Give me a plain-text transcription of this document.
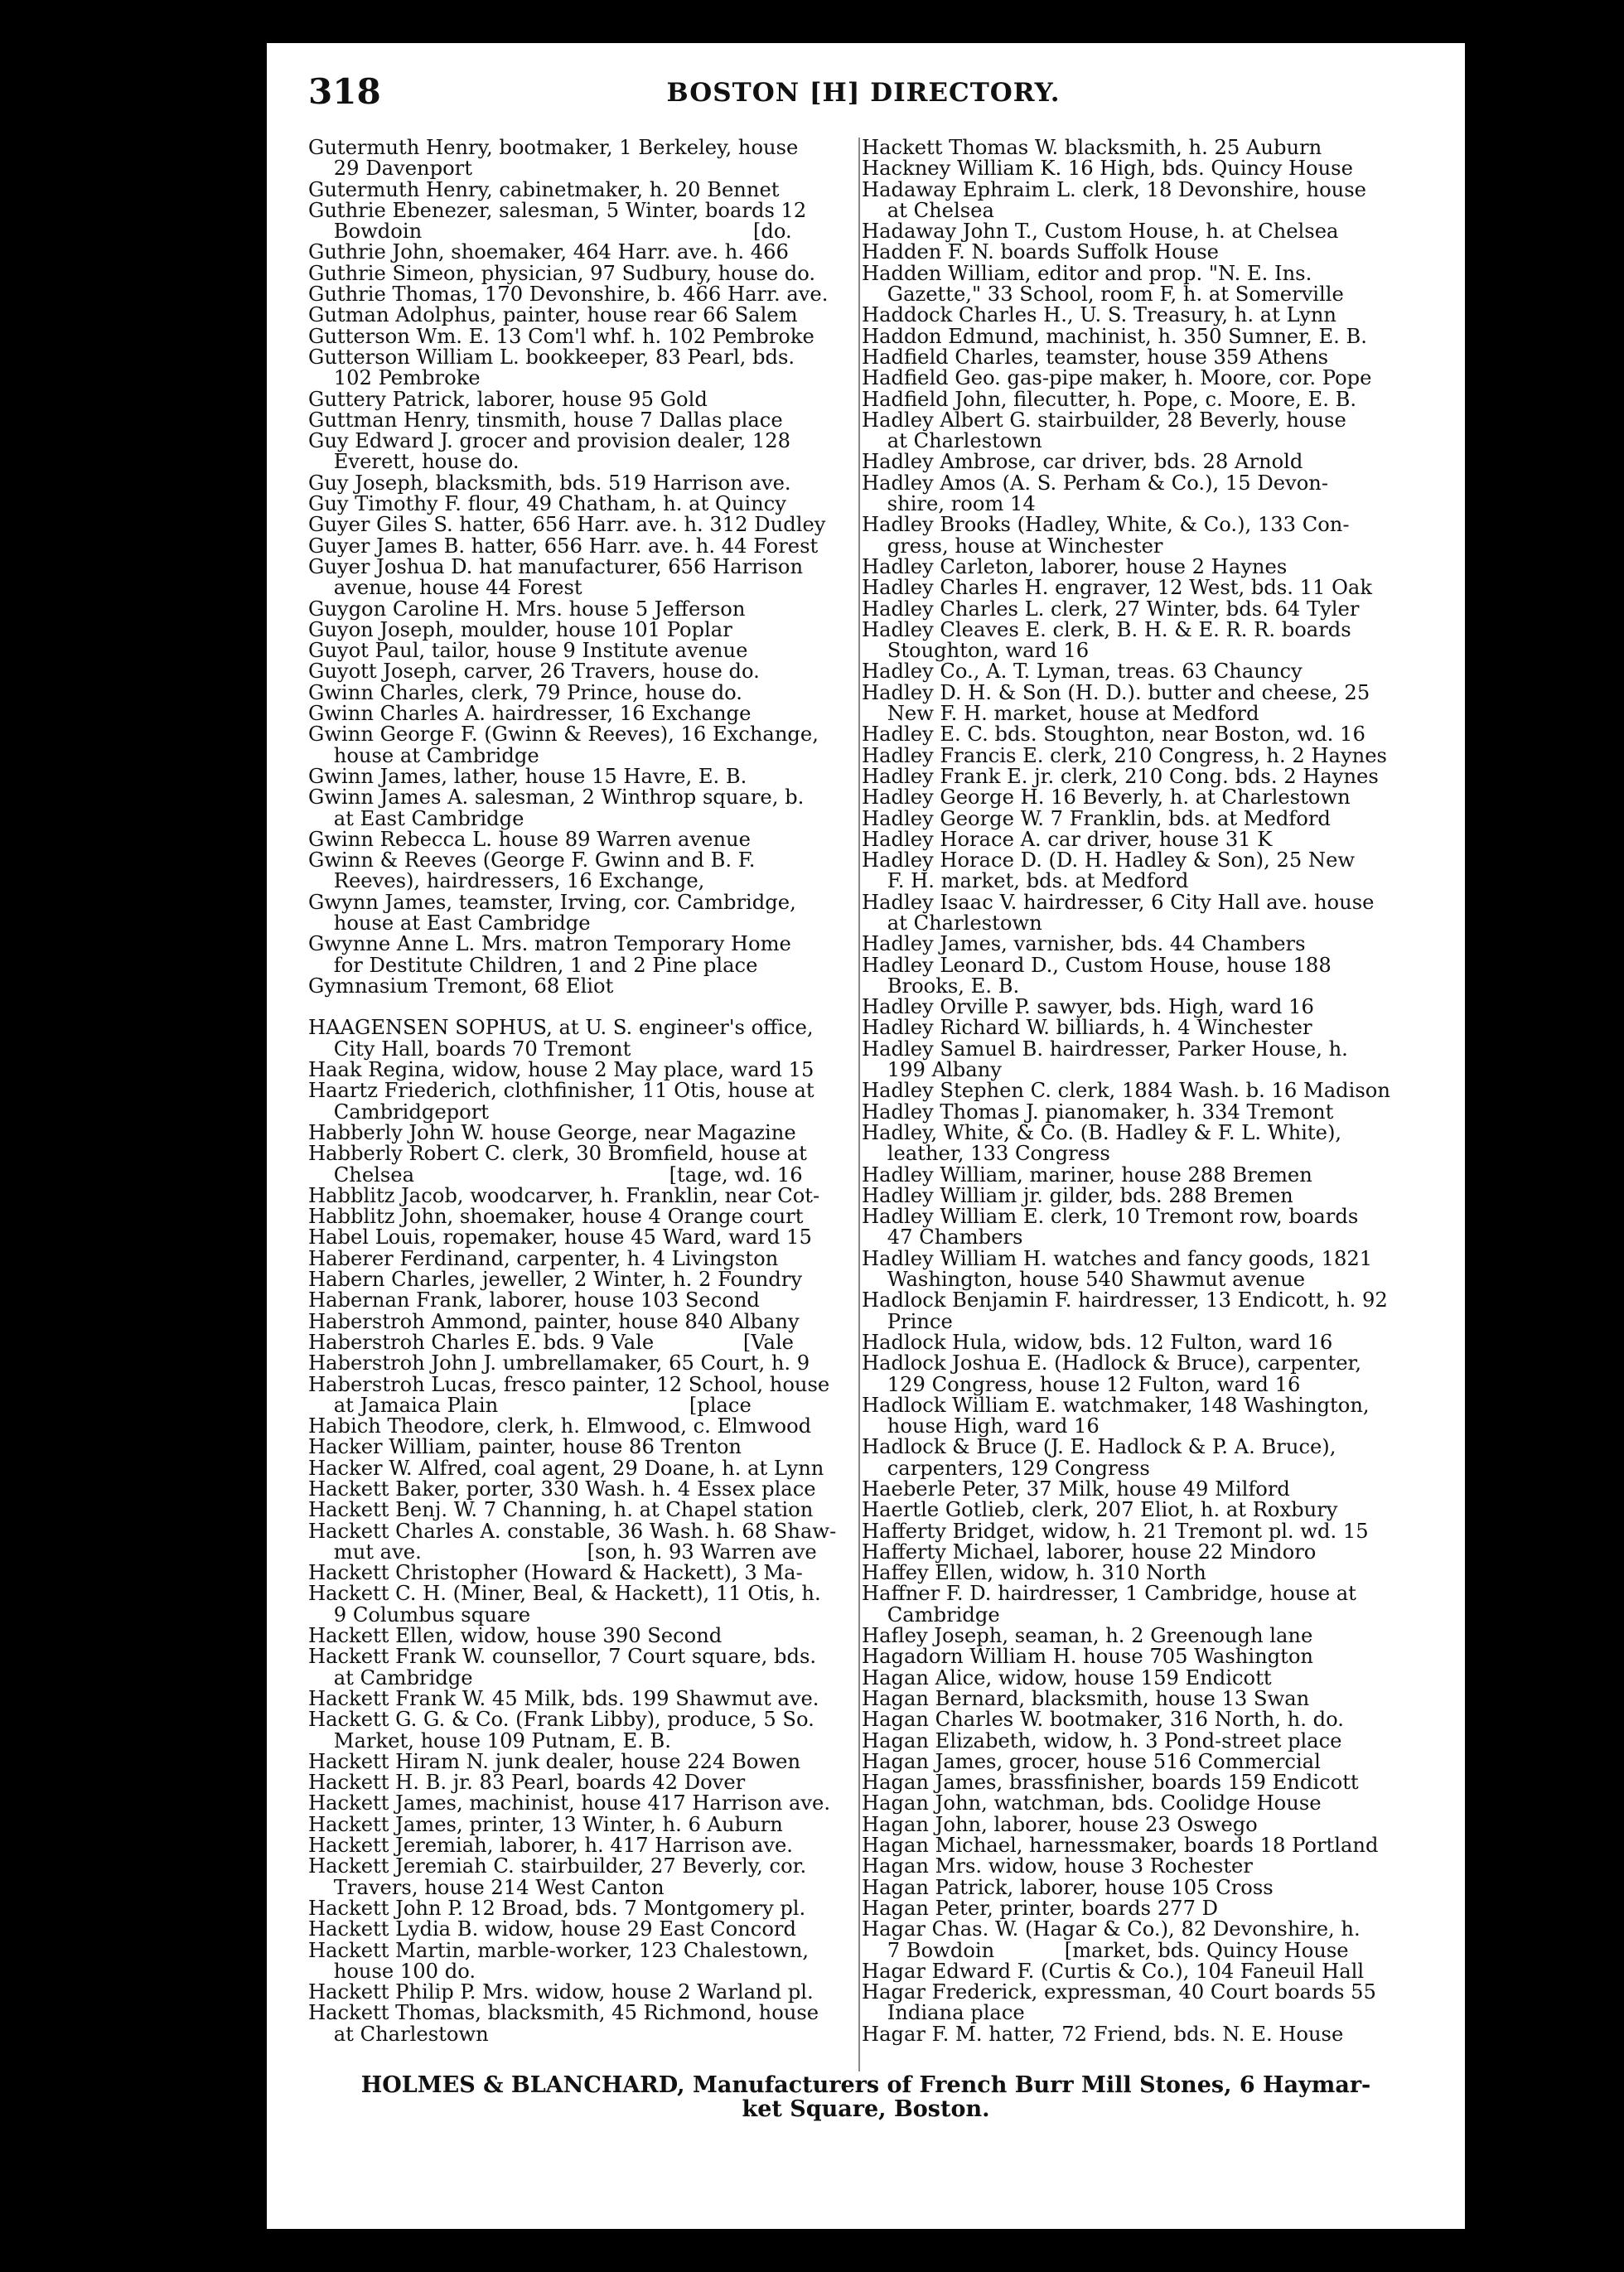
318	BOSTON [H] DIRECTORY.
Gutermuth Henry, bootmaker, 1 Berkeley, house
29 Davenport
Gutermuth Henry, cabinetmaker, h. 20 Bennet
Guthrie Ebenezer, salesman, 5 Winter, boards 12
Bowdoin                                                    [do.
Guthrie John, shoemaker, 464 Harr. ave. h. 466
Guthrie Simeon, physician, 97 Sudbury, house do.
Guthrie Thomas, 170 Devonshire, b. 466 Harr. ave.
Gutman Adolphus, painter, house rear 66 Salem
Gutterson Wm. E. 13 Com'l whf. h. 102 Pembroke
Gutterson William L. bookkeeper, 83 Pearl, bds.
102 Pembroke
Guttery Patrick, laborer, house 95 Gold
Guttman Henry, tinsmith, house 7 Dallas place
Guy Edward J. grocer and provision dealer, 128
Everett, house do.
Guy Joseph, blacksmith, bds. 519 Harrison ave.
Guy Timothy F. flour, 49 Chatham, h. at Quincy
Guyer Giles S. hatter, 656 Harr. ave. h. 312 Dudley
Guyer James B. hatter, 656 Harr. ave. h. 44 Forest
Guyer Joshua D. hat manufacturer, 656 Harrison
avenue, house 44 Forest
Guygon Caroline H. Mrs. house 5 Jefferson
Guyon Joseph, moulder, house 101 Poplar
Guyot Paul, tailor, house 9 Institute avenue
Guyott Joseph, carver, 26 Travers, house do.
Gwinn Charles, clerk, 79 Prince, house do.
Gwinn Charles A. hairdresser, 16 Exchange
Gwinn George F. (Gwinn & Reeves), 16 Exchange,
house at Cambridge
Gwinn James, lather, house 15 Havre, E. B.
Gwinn James A. salesman, 2 Winthrop square, b.
at East Cambridge
Gwinn Rebecca L. house 89 Warren avenue
Gwinn & Reeves (George F. Gwinn and B. F.
Reeves), hairdressers, 16 Exchange,
Gwynn James, teamster, Irving, cor. Cambridge,
house at East Cambridge
Gwynne Anne L. Mrs. matron Temporary Home
for Destitute Children, 1 and 2 Pine place
Gymnasium Tremont, 68 Eliot
HAAGENSEN SOPHUS, at U. S. engineer's office,
City Hall, boards 70 Tremont
Haak Regina, widow, house 2 May place, ward 15
Haartz Friederich, clothfinisher, 11 Otis, house at
Cambridgeport
Habberly John W. house George, near Magazine
Habberly Robert C. clerk, 30 Bromfield, house at
Chelsea                                        [tage, wd. 16
Habblitz Jacob, woodcarver, h. Franklin, near Cot-
Habblitz John, shoemaker, house 4 Orange court
Habel Louis, ropemaker, house 45 Ward, ward 15
Haberer Ferdinand, carpenter, h. 4 Livingston
Habern Charles, jeweller, 2 Winter, h. 2 Foundry
Habernan Frank, laborer, house 103 Second
Haberstroh Ammond, painter, house 840 Albany
Haberstroh Charles E. bds. 9 Vale              [Vale
Haberstroh John J. umbrellamaker, 65 Court, h. 9
Haberstroh Lucas, fresco painter, 12 School, house
at Jamaica Plain                              [place
Habich Theodore, clerk, h. Elmwood, c. Elmwood
Hacker William, painter, house 86 Trenton
Hacker W. Alfred, coal agent, 29 Doane, h. at Lynn
Hackett Baker, porter, 330 Wash. h. 4 Essex place
Hackett Benj. W. 7 Channing, h. at Chapel station
Hackett Charles A. constable, 36 Wash. h. 68 Shaw-
mut ave.                          [son, h. 93 Warren ave
Hackett Christopher (Howard & Hackett), 3 Ma-
Hackett C. H. (Miner, Beal, & Hackett), 11 Otis, h.
9 Columbus square
Hackett Ellen, widow, house 390 Second
Hackett Frank W. counsellor, 7 Court square, bds.
at Cambridge
Hackett Frank W. 45 Milk, bds. 199 Shawmut ave.
Hackett G. G. & Co. (Frank Libby), produce, 5 So.
Market, house 109 Putnam, E. B.
Hackett Hiram N. junk dealer, house 224 Bowen
Hackett H. B. jr. 83 Pearl, boards 42 Dover
Hackett James, machinist, house 417 Harrison ave.
Hackett James, printer, 13 Winter, h. 6 Auburn
Hackett Jeremiah, laborer, h. 417 Harrison ave.
Hackett Jeremiah C. stairbuilder, 27 Beverly, cor.
Travers, house 214 West Canton
Hackett John P. 12 Broad, bds. 7 Montgomery pl.
Hackett Lydia B. widow, house 29 East Concord
Hackett Martin, marble-worker, 123 Chalestown,
house 100 do.
Hackett Philip P. Mrs. widow, house 2 Warland pl.
Hackett Thomas, blacksmith, 45 Richmond, house
at Charlestown
Hackett Thomas W. blacksmith, h. 25 Auburn
Hackney William K. 16 High, bds. Quincy House
Hadaway Ephraim L. clerk, 18 Devonshire, house
at Chelsea
Hadaway John T., Custom House, h. at Chelsea
Hadden F. N. boards Suffolk House
Hadden William, editor and prop. "N. E. Ins.
Gazette," 33 School, room F, h. at Somerville
Haddock Charles H., U. S. Treasury, h. at Lynn
Haddon Edmund, machinist, h. 350 Sumner, E. B.
Hadfield Charles, teamster, house 359 Athens
Hadfield Geo. gas-pipe maker, h. Moore, cor. Pope
Hadfield John, filecutter, h. Pope, c. Moore, E. B.
Hadley Albert G. stairbuilder, 28 Beverly, house
at Charlestown
Hadley Ambrose, car driver, bds. 28 Arnold
Hadley Amos (A. S. Perham & Co.), 15 Devon-
shire, room 14
Hadley Brooks (Hadley, White, & Co.), 133 Con-
gress, house at Winchester
Hadley Carleton, laborer, house 2 Haynes
Hadley Charles H. engraver, 12 West, bds. 11 Oak
Hadley Charles L. clerk, 27 Winter, bds. 64 Tyler
Hadley Cleaves E. clerk, B. H. & E. R. R. boards
Stoughton, ward 16
Hadley Co., A. T. Lyman, treas. 63 Chauncy
Hadley D. H. & Son (H. D.). butter and cheese, 25
New F. H. market, house at Medford
Hadley E. C. bds. Stoughton, near Boston, wd. 16
Hadley Francis E. clerk, 210 Congress, h. 2 Haynes
Hadley Frank E. jr. clerk, 210 Cong. bds. 2 Haynes
Hadley George H. 16 Beverly, h. at Charlestown
Hadley George W. 7 Franklin, bds. at Medford
Hadley Horace A. car driver, house 31 K
Hadley Horace D. (D. H. Hadley & Son), 25 New
F. H. market, bds. at Medford
Hadley Isaac V. hairdresser, 6 City Hall ave. house
at Charlestown
Hadley James, varnisher, bds. 44 Chambers
Hadley Leonard D., Custom House, house 188
Brooks, E. B.
Hadley Orville P. sawyer, bds. High, ward 16
Hadley Richard W. billiards, h. 4 Winchester
Hadley Samuel B. hairdresser, Parker House, h.
199 Albany
Hadley Stephen C. clerk, 1884 Wash. b. 16 Madison
Hadley Thomas J. pianomaker, h. 334 Tremont
Hadley, White, & Co. (B. Hadley & F. L. White),
leather, 133 Congress
Hadley William, mariner, house 288 Bremen
Hadley William jr. gilder, bds. 288 Bremen
Hadley William E. clerk, 10 Tremont row, boards
47 Chambers
Hadley William H. watches and fancy goods, 1821
Washington, house 540 Shawmut avenue
Hadlock Benjamin F. hairdresser, 13 Endicott, h. 92
Prince
Hadlock Hula, widow, bds. 12 Fulton, ward 16
Hadlock Joshua E. (Hadlock & Bruce), carpenter,
129 Congress, house 12 Fulton, ward 16
Hadlock William E. watchmaker, 148 Washington,
house High, ward 16
Hadlock & Bruce (J. E. Hadlock & P. A. Bruce),
carpenters, 129 Congress
Haeberle Peter, 37 Milk, house 49 Milford
Haertle Gotlieb, clerk, 207 Eliot, h. at Roxbury
Hafferty Bridget, widow, h. 21 Tremont pl. wd. 15
Hafferty Michael, laborer, house 22 Mindoro
Haffey Ellen, widow, h. 310 North
Haffner F. D. hairdresser, 1 Cambridge, house at
Cambridge
Hafley Joseph, seaman, h. 2 Greenough lane
Hagadorn William H. house 705 Washington
Hagan Alice, widow, house 159 Endicott
Hagan Bernard, blacksmith, house 13 Swan
Hagan Charles W. bootmaker, 316 North, h. do.
Hagan Elizabeth, widow, h. 3 Pond-street place
Hagan James, grocer, house 516 Commercial
Hagan James, brassfinisher, boards 159 Endicott
Hagan John, watchman, bds. Coolidge House
Hagan John, laborer, house 23 Oswego
Hagan Michael, harnessmaker, boards 18 Portland
Hagan Mrs. widow, house 3 Rochester
Hagan Patrick, laborer, house 105 Cross
Hagan Peter, printer, boards 277 D
Hagar Chas. W. (Hagar & Co.), 82 Devonshire, h.
7 Bowdoin           [market, bds. Quincy House
Hagar Edward F. (Curtis & Co.), 104 Faneuil Hall
Hagar Frederick, expressman, 40 Court boards 55
Indiana place
Hagar F. M. hatter, 72 Friend, bds. N. E. House
HOLMES & BLANCHARD, Manufacturers of French Burr Mill Stones, 6 Haymar-
ket Square, Boston.
